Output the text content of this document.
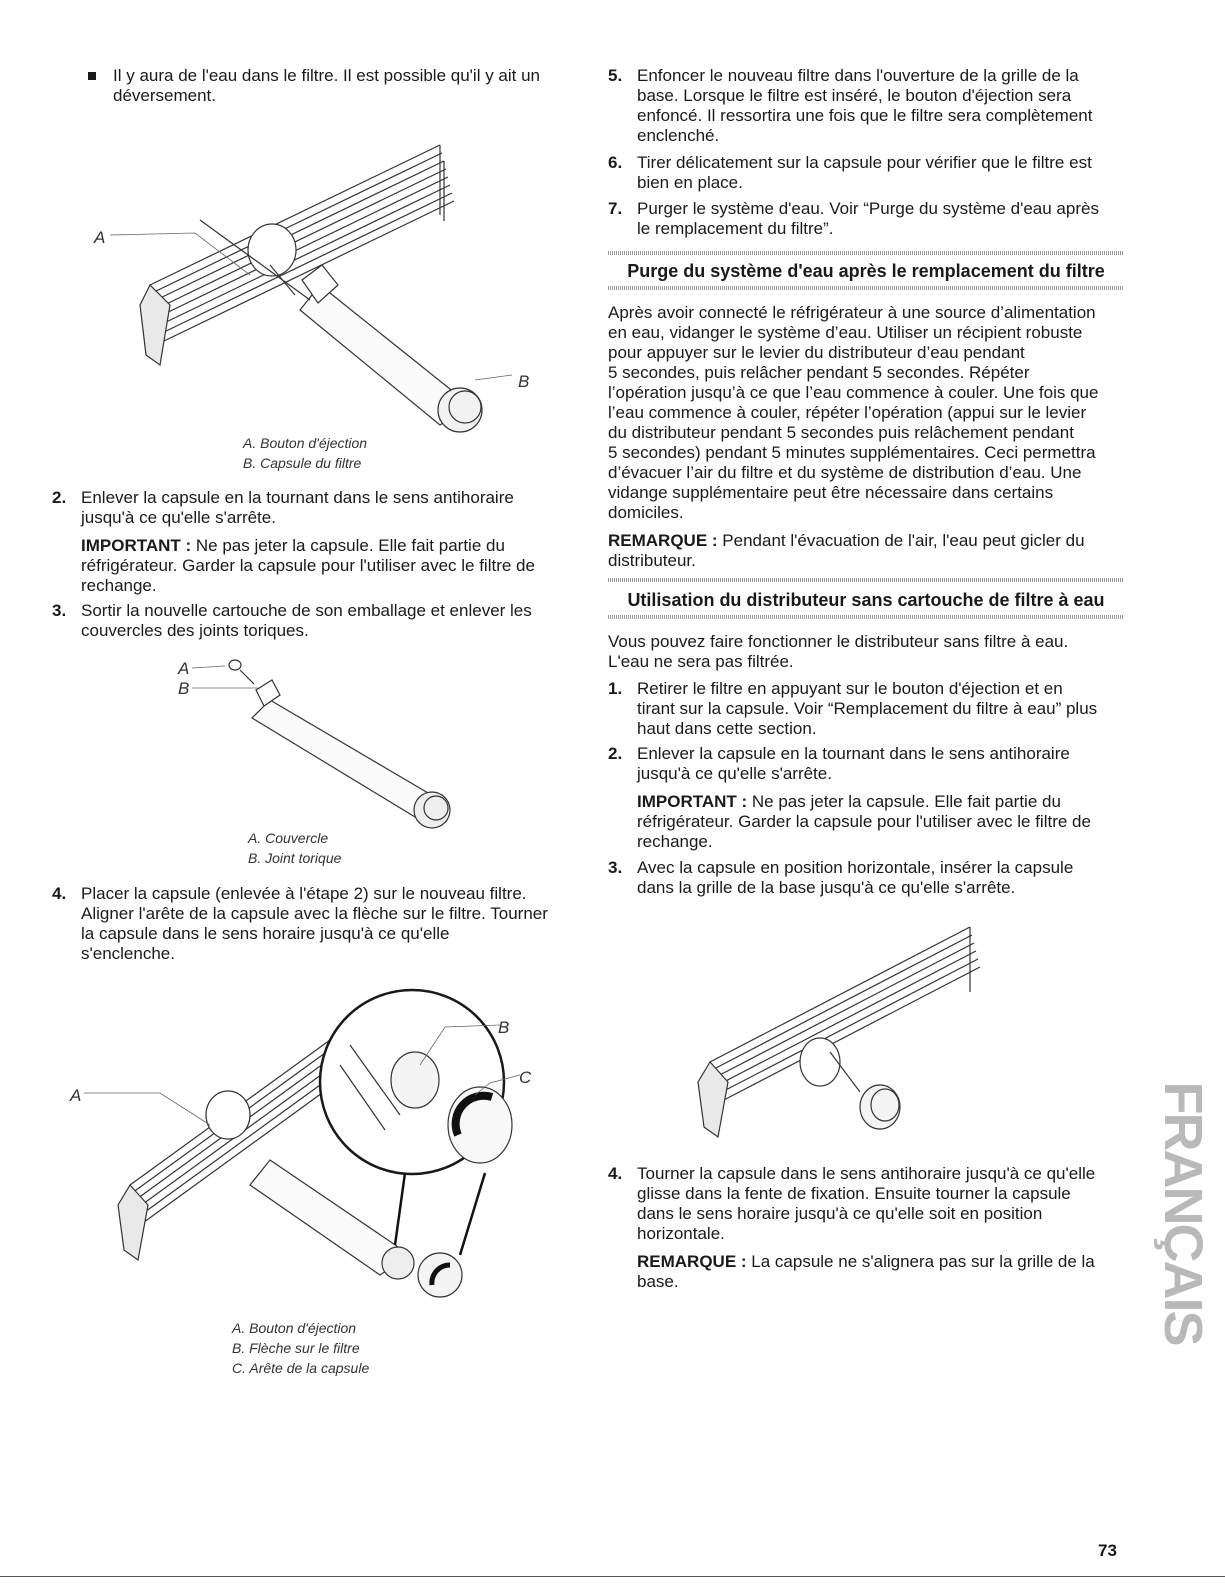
Il y aura de l'eau dans le filtre. Il est possible qu'il y ait un
déversement.
A
B
A. Bouton d'éjection
B. Capsule du filtre
2. Enlever la capsule en la tournant dans le sens antihoraire
jusqu'à ce qu'elle s'arrête.
IMPORTANT : Ne pas jeter la capsule. Elle fait partie du
réfrigérateur. Garder la capsule pour l'utiliser avec le filtre de
rechange.
3. Sortir la nouvelle cartouche de son emballage et enlever les
couvercles des joints toriques.
A
B
A. Couvercle
B. Joint torique
4. Placer la capsule (enlevée à l'étape 2) sur le nouveau filtre.
Aligner l'arête de la capsule avec la flèche sur le filtre. Tourner
la capsule dans le sens horaire jusqu'à ce qu'elle
s'enclenche.
A
B
C
A. Bouton d'éjection
B. Flèche sur le filtre
C. Arête de la capsule
5. Enfoncer le nouveau filtre dans l'ouverture de la grille de la
base. Lorsque le filtre est inséré, le bouton d'éjection sera
enfoncé. Il ressortira une fois que le filtre sera complètement
enclenché.
6. Tirer délicatement sur la capsule pour vérifier que le filtre est
bien en place.
7. Purger le système d'eau. Voir “Purge du système d'eau après
le remplacement du filtre”.
Purge du système d'eau après le remplacement du filtre
Après avoir connecté le réfrigérateur à une source d’alimentation
en eau, vidanger le système d’eau. Utiliser un récipient robuste
pour appuyer sur le levier du distributeur d’eau pendant
5 secondes, puis relâcher pendant 5 secondes. Répéter
l’opération jusqu’à ce que l’eau commence à couler. Une fois que
l’eau commence à couler, répéter l’opération (appui sur le levier
du distributeur pendant 5 secondes puis relâchement pendant
5 secondes) pendant 5 minutes supplémentaires. Ceci permettra
d’évacuer l’air du filtre et du système de distribution d’eau. Une
vidange supplémentaire peut être nécessaire dans certains
domiciles.
REMARQUE : Pendant l'évacuation de l'air, l'eau peut gicler du
distributeur.
Utilisation du distributeur sans cartouche de filtre à eau
Vous pouvez faire fonctionner le distributeur sans filtre à eau.
L'eau ne sera pas filtrée.
1. Retirer le filtre en appuyant sur le bouton d'éjection et en
tirant sur la capsule. Voir “Remplacement du filtre à eau” plus
haut dans cette section.
2. Enlever la capsule en la tournant dans le sens antihoraire
jusqu'à ce qu'elle s'arrête.
IMPORTANT : Ne pas jeter la capsule. Elle fait partie du
réfrigérateur. Garder la capsule pour l'utiliser avec le filtre de
rechange.
3. Avec la capsule en position horizontale, insérer la capsule
dans la grille de la base jusqu'à ce qu'elle s'arrête.
4. Tourner la capsule dans le sens antihoraire jusqu'à ce qu'elle
glisse dans la fente de fixation. Ensuite tourner la capsule
dans le sens horaire jusqu'à ce qu'elle soit en position
horizontale.
REMARQUE : La capsule ne s'alignera pas sur la grille de la
base.	FRANÇAIS
73
